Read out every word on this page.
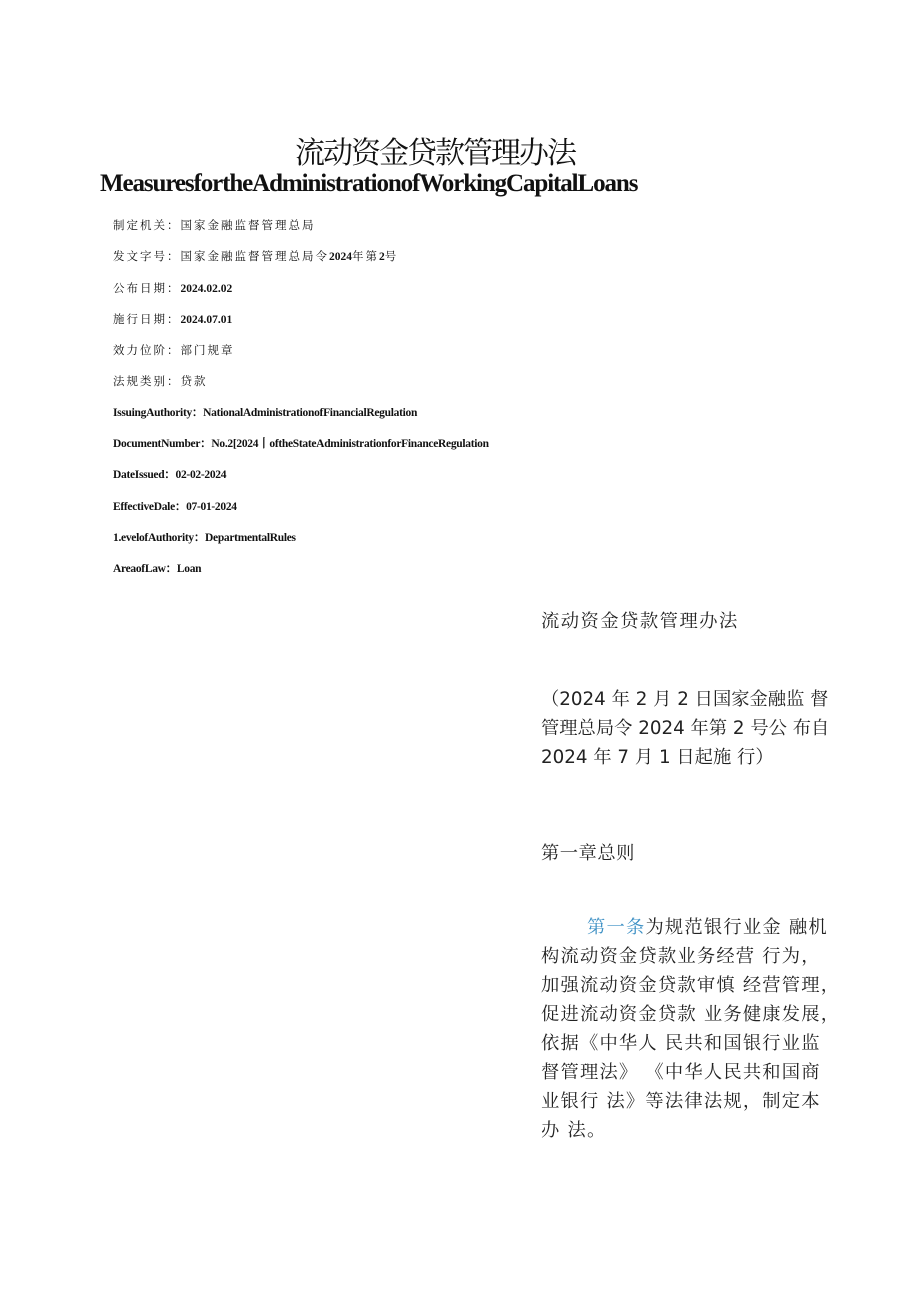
流动资金贷款管理办法
MeasuresfortheAdministrationofWorkingCapitalLoans
制定机关：国家金融监督管理总局
发文字号：国家金融监督管理总局令2024年第2号
公布日期：2024.02.02
施行日期：2024.07.01
效力位阶：部门规章
法规类别：贷款
IssuingAuthority：NationalAdministrationofFinancialRegulation
DocumentNumber：No.2[2024丨oftheStateAdministrationforFinanceRegulation
DateIssued：02-02-2024
EffectiveDale：07-01-2024
1.evelofAuthority：DepartmentalRules
AreaofLaw：Loan
流动资金贷款管理办法
（2024 年 2 月 2 日国家金融监 督
管理总局令 2024 年第 2 号公 布自
2024 年 7 月 1 日起施 行）
第一章总则
第一条为规范银行业金 融机
构流动资金贷款业务经营 行为，
加强流动资金贷款审慎 经营管理，
促进流动资金贷款 业务健康发展，
依据《中华人 民共和国银行业监
督管理法》 《中华人民共和国商
业银行 法》等法律法规，制定本
办 法。
